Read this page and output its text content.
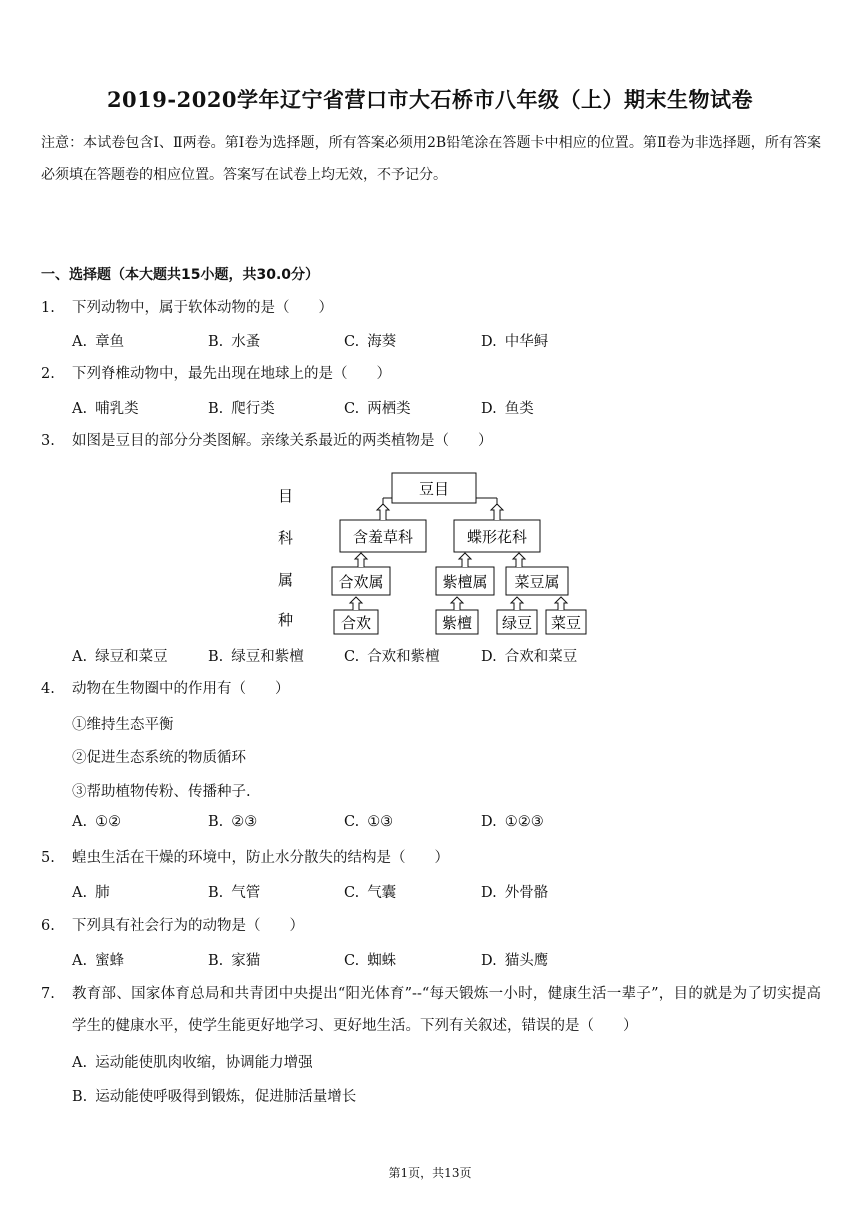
2019-2020学年辽宁省营口市大石桥市八年级（上）期末生物试卷
注意：本试卷包含Ⅰ、Ⅱ两卷。第Ⅰ卷为选择题，所有答案必须用2B铅笔涂在答题卡中相应的位置。第Ⅱ卷为非选择题，所有答案必须填在答题卷的相应位置。答案写在试卷上均无效，不予记分。
一、选择题（本大题共15小题，共30.0分）
1.	下列动物中，属于软体动物的是（　　）
A. 章鱼	B. 水蚤	C. 海葵	D. 中华鲟
2.	下列脊椎动物中，最先出现在地球上的是（　　）
A. 哺乳类	B. 爬行类	C. 两栖类	D. 鱼类
3.	如图是豆目的部分分类图解。亲缘关系最近的两类植物是（　　）
目
科
属
种
豆目
含羞草科	蝶形花科
合欢属	紫檀属 菜豆属
合欢	紫檀 绿豆 菜豆
A. 绿豆和菜豆	B. 绿豆和紫檀	C. 合欢和紫檀	D. 合欢和菜豆
4.	动物在生物圈中的作用有（　　）
①维持生态平衡
②促进生态系统的物质循环
③帮助植物传粉、传播种子.
A. ①②	B. ②③	C. ①③	D. ①②③
5.	蝗虫生活在干燥的环境中，防止水分散失的结构是（　　）
A. 肺	B. 气管	C. 气囊	D. 外骨骼
6.	下列具有社会行为的动物是（　　）
A. 蜜蜂	B. 家猫	C. 蜘蛛	D. 猫头鹰
7.	教育部、国家体育总局和共青团中央提出“阳光体育”--“每天锻炼一小时，健康生活一辈子”，目的就是为了切实提高学生的健康水平，使学生能更好地学习、更好地生活。下列有关叙述，错误的是（　　）
A. 运动能使肌肉收缩，协调能力增强
B. 运动能使呼吸得到锻炼，促进肺活量增长
第1页，共13页
